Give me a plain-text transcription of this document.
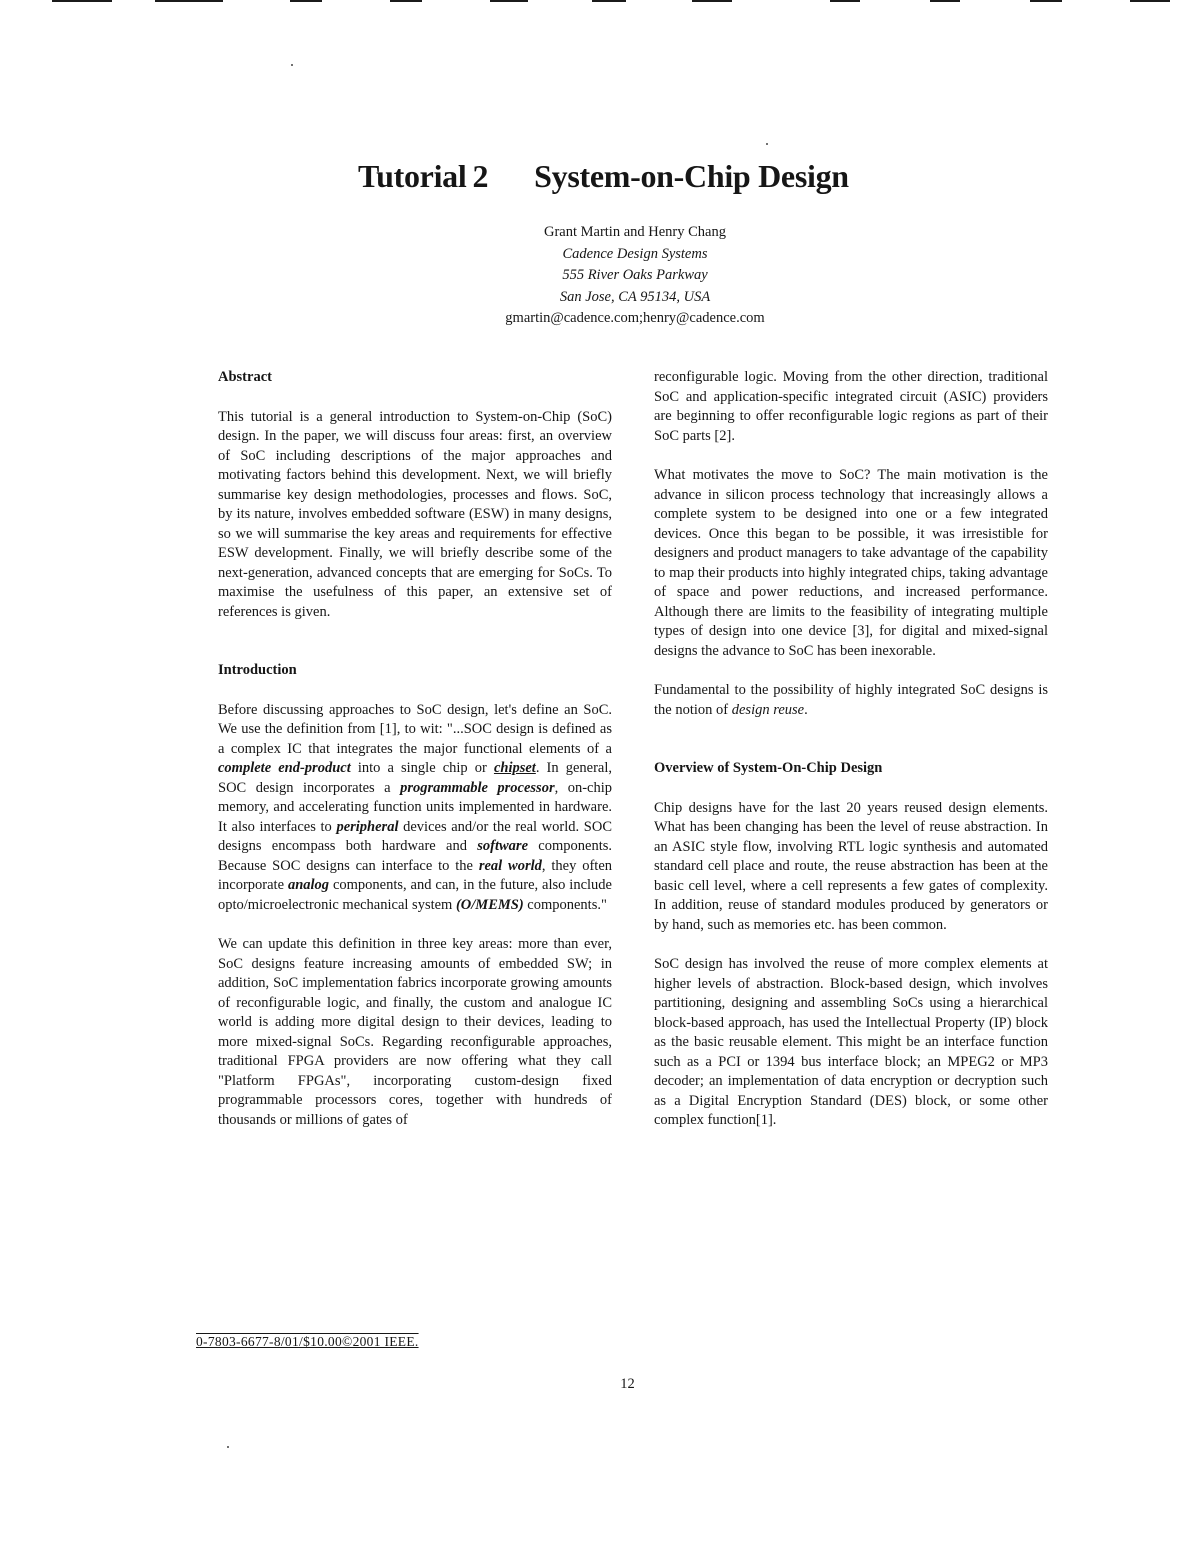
Tutorial 2 System-on-Chip Design
Grant Martin and Henry Chang
Cadence Design Systems
555 River Oaks Parkway
San Jose, CA 95134, USA
gmartin@cadence.com;henry@cadence.com
Abstract

This tutorial is a general introduction to System-on-Chip (SoC) design. In the paper, we will discuss four areas: first, an overview of SoC including descriptions of the major approaches and motivating factors behind this development. Next, we will briefly summarise key design methodologies, processes and flows. SoC, by its nature, involves embedded software (ESW) in many designs, so we will summarise the key areas and requirements for effective ESW development. Finally, we will briefly describe some of the next-generation, advanced concepts that are emerging for SoCs. To maximise the usefulness of this paper, an extensive set of references is given.

Introduction

Before discussing approaches to SoC design, let's define an SoC. We use the definition from [1], to wit: "...SOC design is defined as a complex IC that integrates the major functional elements of a complete end-product into a single chip or chipset. In general, SOC design incorporates a programmable processor, on-chip memory, and accelerating function units implemented in hardware. It also interfaces to peripheral devices and/or the real world. SOC designs encompass both hardware and software components. Because SOC designs can interface to the real world, they often incorporate analog components, and can, in the future, also include opto/microelectronic mechanical system (O/MEMS) components."

We can update this definition in three key areas: more than ever, SoC designs feature increasing amounts of embedded SW; in addition, SoC implementation fabrics incorporate growing amounts of reconfigurable logic, and finally, the custom and analogue IC world is adding more digital design to their devices, leading to more mixed-signal SoCs. Regarding reconfigurable approaches, traditional FPGA providers are now offering what they call "Platform FPGAs", incorporating custom-design fixed programmable processors cores, together with hundreds of thousands or millions of gates of

reconfigurable logic. Moving from the other direction, traditional SoC and application-specific integrated circuit (ASIC) providers are beginning to offer reconfigurable logic regions as part of their SoC parts [2].

What motivates the move to SoC? The main motivation is the advance in silicon process technology that increasingly allows a complete system to be designed into one or a few integrated devices. Once this began to be possible, it was irresistible for designers and product managers to take advantage of the capability to map their products into highly integrated chips, taking advantage of space and power reductions, and increased performance. Although there are limits to the feasibility of integrating multiple types of design into one device [3], for digital and mixed-signal designs the advance to SoC has been inexorable.

Fundamental to the possibility of highly integrated SoC designs is the notion of design reuse.

Overview of System-On-Chip Design

Chip designs have for the last 20 years reused design elements. What has been changing has been the level of reuse abstraction. In an ASIC style flow, involving RTL logic synthesis and automated standard cell place and route, the reuse abstraction has been at the basic cell level, where a cell represents a few gates of complexity. In addition, reuse of standard modules produced by generators or by hand, such as memories etc. has been common.

SoC design has involved the reuse of more complex elements at higher levels of abstraction. Block-based design, which involves partitioning, designing and assembling SoCs using a hierarchical block-based approach, has used the Intellectual Property (IP) block as the basic reusable element. This might be an interface function such as a PCI or 1394 bus interface block; an MPEG2 or MP3 decoder; an implementation of data encryption or decryption such as a Digital Encryption Standard (DES) block, or some other complex function[1].

0-7803-6677-8/01/$10.00©2001 IEEE.
12
